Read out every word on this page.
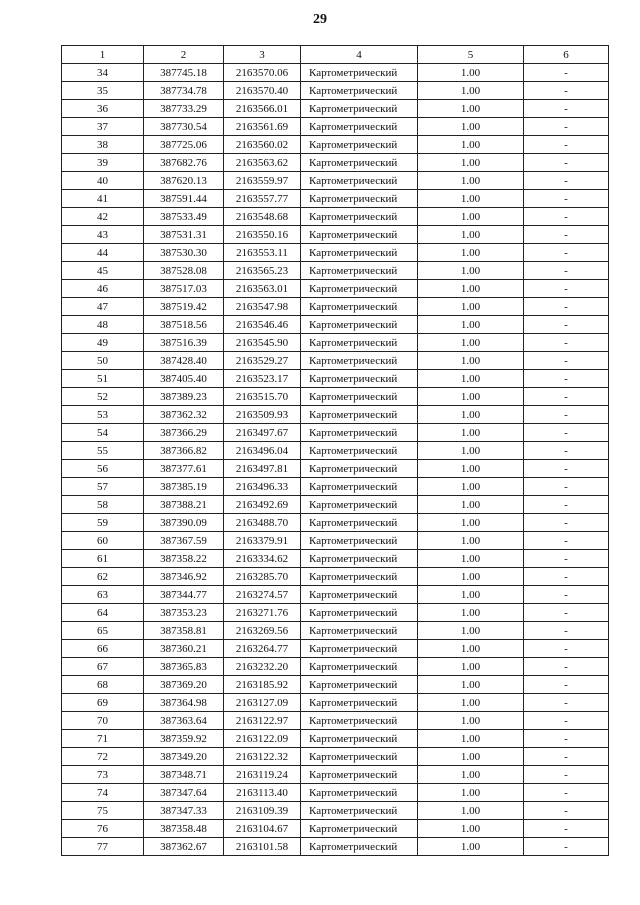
29
1	2	3	4	5	6
34	387745.18	2163570.06	Картометрический	1.00	-
35	387734.78	2163570.40	Картометрический	1.00	-
36	387733.29	2163566.01	Картометрический	1.00	-
37	387730.54	2163561.69	Картометрический	1.00	-
38	387725.06	2163560.02	Картометрический	1.00	-
39	387682.76	2163563.62	Картометрический	1.00	-
40	387620.13	2163559.97	Картометрический	1.00	-
41	387591.44	2163557.77	Картометрический	1.00	-
42	387533.49	2163548.68	Картометрический	1.00	-
43	387531.31	2163550.16	Картометрический	1.00	-
44	387530.30	2163553.11	Картометрический	1.00	-
45	387528.08	2163565.23	Картометрический	1.00	-
46	387517.03	2163563.01	Картометрический	1.00	-
47	387519.42	2163547.98	Картометрический	1.00	-
48	387518.56	2163546.46	Картометрический	1.00	-
49	387516.39	2163545.90	Картометрический	1.00	-
50	387428.40	2163529.27	Картометрический	1.00	-
51	387405.40	2163523.17	Картометрический	1.00	-
52	387389.23	2163515.70	Картометрический	1.00	-
53	387362.32	2163509.93	Картометрический	1.00	-
54	387366.29	2163497.67	Картометрический	1.00	-
55	387366.82	2163496.04	Картометрический	1.00	-
56	387377.61	2163497.81	Картометрический	1.00	-
57	387385.19	2163496.33	Картометрический	1.00	-
58	387388.21	2163492.69	Картометрический	1.00	-
59	387390.09	2163488.70	Картометрический	1.00	-
60	387367.59	2163379.91	Картометрический	1.00	-
61	387358.22	2163334.62	Картометрический	1.00	-
62	387346.92	2163285.70	Картометрический	1.00	-
63	387344.77	2163274.57	Картометрический	1.00	-
64	387353.23	2163271.76	Картометрический	1.00	-
65	387358.81	2163269.56	Картометрический	1.00	-
66	387360.21	2163264.77	Картометрический	1.00	-
67	387365.83	2163232.20	Картометрический	1.00	-
68	387369.20	2163185.92	Картометрический	1.00	-
69	387364.98	2163127.09	Картометрический	1.00	-
70	387363.64	2163122.97	Картометрический	1.00	-
71	387359.92	2163122.09	Картометрический	1.00	-
72	387349.20	2163122.32	Картометрический	1.00	-
73	387348.71	2163119.24	Картометрический	1.00	-
74	387347.64	2163113.40	Картометрический	1.00	-
75	387347.33	2163109.39	Картометрический	1.00	-
76	387358.48	2163104.67	Картометрический	1.00	-
77	387362.67	2163101.58	Картометрический	1.00	-
